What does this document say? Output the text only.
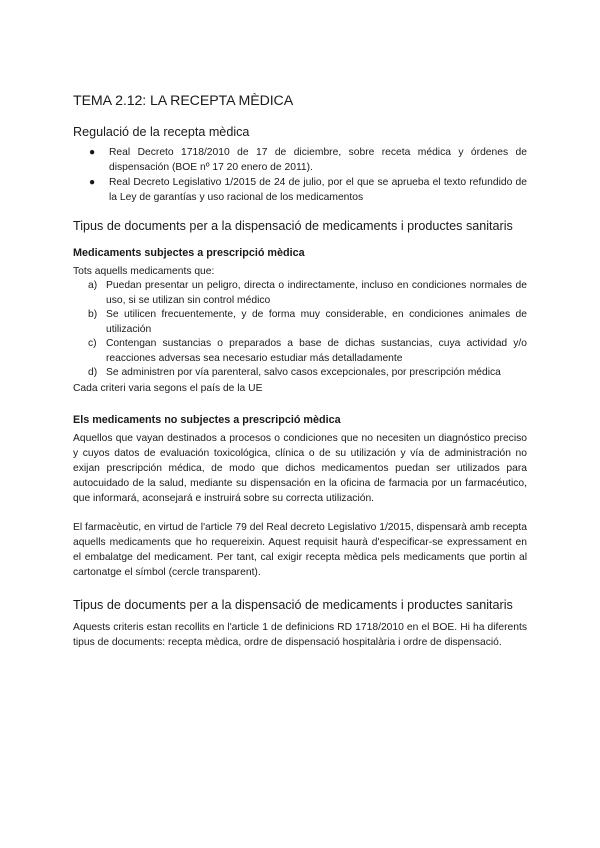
TEMA 2.12: LA RECEPTA MÈDICA
Regulació de la recepta mèdica
● Real Decreto 1718/2010 de 17 de diciembre, sobre receta médica y órdenes de dispensación (BOE nº 17 20 enero de 2011).
● Real Decreto Legislativo 1/2015 de 24 de julio, por el que se aprueba el texto refundido de la Ley de garantías y uso racional de los medicamentos
Tipus de documents per a la dispensació de medicaments i productes sanitaris
Medicaments subjectes a prescripció mèdica

Tots aquells medicaments que:

a) Puedan presentar un peligro, directa o indirectamente, incluso en condiciones normales de uso, si se utilizan sin control médico
b) Se utilicen frecuentemente, y de forma muy considerable, en condiciones animales de utilización
c) Contengan sustancias o preparados a base de dichas sustancias, cuya actividad y/o reacciones adversas sea necesario estudiar más detalladamente
d) Se administren por vía parenteral, salvo casos excepcionales, por prescripción médica

Cada criteri varia segons el país de la UE

Els medicaments no subjectes a prescripció mèdica

Aquellos que vayan destinados a procesos o condiciones que no necesiten un diagnóstico preciso y cuyos datos de evaluación toxicológica, clínica o de su utilización y vía de administración no exijan prescripción médica, de modo que dichos medicamentos puedan ser utilizados para autocuidado de la salud, mediante su dispensación en la oficina de farmacia por un farmacéutico, que informará, aconsejará e instruirá sobre su correcta utilización.

El farmacèutic, en virtud de l'article 79 del Real decreto Legislativo 1/2015, dispensarà amb recepta aquells medicaments que ho requereixin. Aquest requisit haurà d'especificar-se expressament en el embalatge del medicament. Per tant, cal exigir recepta mèdica pels medicaments que portin al cartonatge el símbol (cercle transparent).

Tipus de documents per a la dispensació de medicaments i productes sanitaris

Aquests criteris estan recollits en l'article 1 de definicions RD 1718/2010 en el BOE. Hi ha diferents tipus de documents: recepta mèdica, ordre de dispensació hospitalària i ordre de dispensació.
